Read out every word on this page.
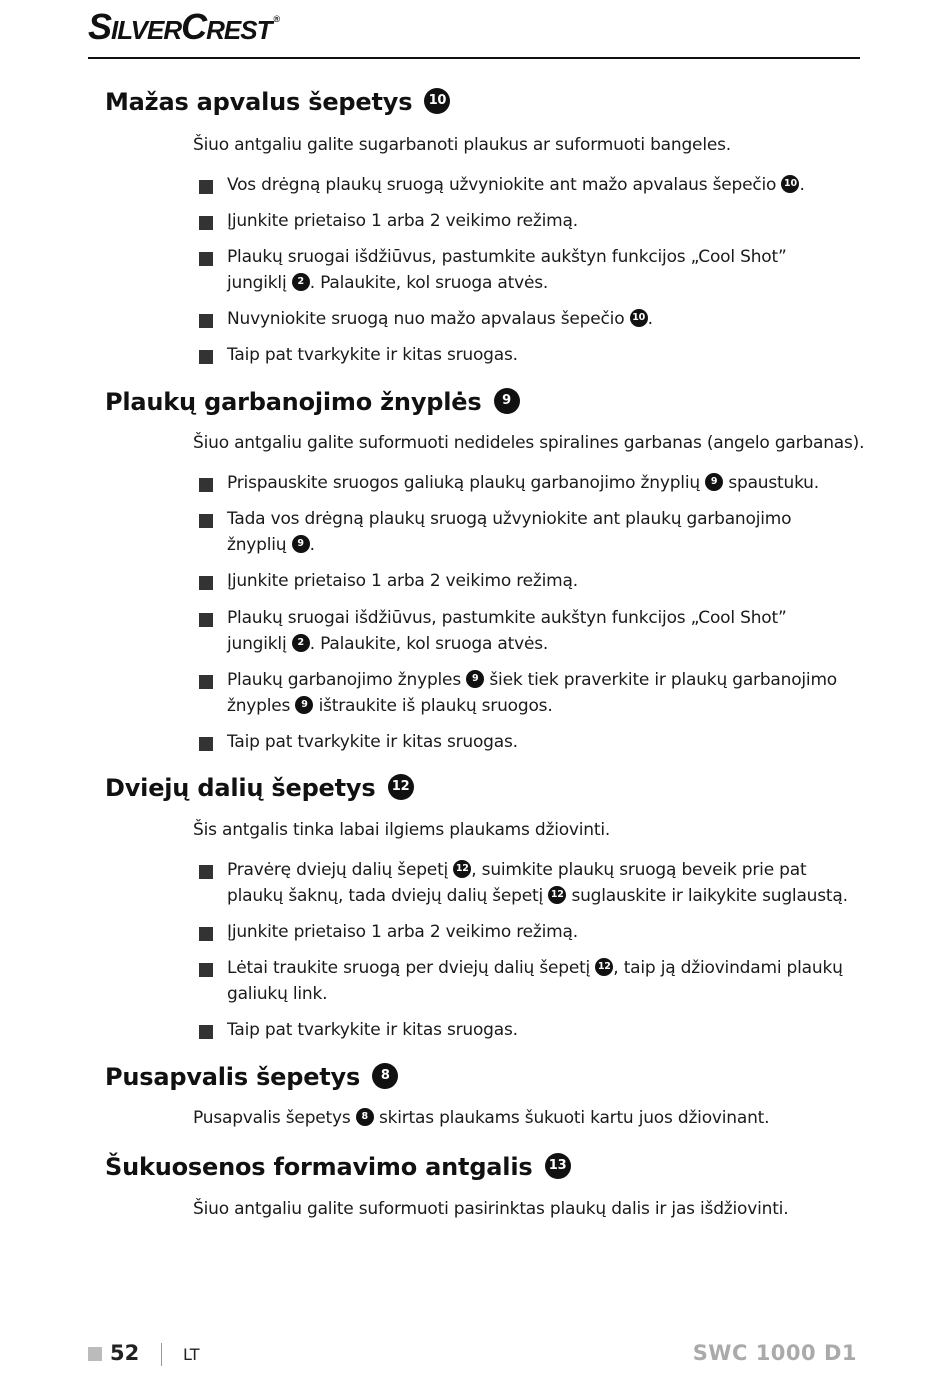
SILVERCREST ®
Mažas apvalus šepetys 10

Šiuo antgaliu galite sugarbanoti plaukus ar suformuoti bangeles.

Vos drėgną plaukų sruogą užvyniokite ant mažo apvalaus šepečio 10 .

Įjunkite prietaiso 1 arba 2 veikimo režimą.

Plaukų sruogai išdžiūvus, pastumkite aukštyn funkcijos „Cool Shot” jungiklį 2 . Palaukite, kol sruoga atvės.

Nuvyniokite sruogą nuo mažo apvalaus šepečio 10 .

Taip pat tvarkykite ir kitas sruogas.

Plaukų garbanojimo žnyplės 9

Šiuo antgaliu galite suformuoti nedideles spiralines garbanas (angelo garbanas).

Prispauskite sruogos galiuką plaukų garbanojimo žnyplių 9 spaustuku.

Tada vos drėgną plaukų sruogą užvyniokite ant plaukų garbanojimo žnyplių 9 .

Įjunkite prietaiso 1 arba 2 veikimo režimą.

Plaukų sruogai išdžiūvus, pastumkite aukštyn funkcijos „Cool Shot” jungiklį 2 . Palaukite, kol sruoga atvės.

Plaukų garbanojimo žnyples 9 šiek tiek praverkite ir plaukų garbanojimo žnyples 9 ištraukite iš plaukų sruogos.

Taip pat tvarkykite ir kitas sruogas.

Dviejų dalių šepetys 12

Šis antgalis tinka labai ilgiems plaukams džiovinti.

Pravėrę dviejų dalių šepetį 12 , suimkite plaukų sruogą beveik prie pat plaukų šaknų, tada dviejų dalių šepetį 12 suglauskite ir laikykite suglaustą.

Įjunkite prietaiso 1 arba 2 veikimo režimą.

Lėtai traukite sruogą per dviejų dalių šepetį 12 , taip ją džiovindami plaukų galiukų link.

Taip pat tvarkykite ir kitas sruogas.

Pusapvalis šepetys 8

Pusapvalis šepetys 8 skirtas plaukams šukuoti kartu juos džiovinant.

Šukuosenos formavimo antgalis 13

Šiuo antgaliu galite suformuoti pasirinktas plaukų dalis ir jas išdžiovinti.

52	LT	SWC 1000 D1
